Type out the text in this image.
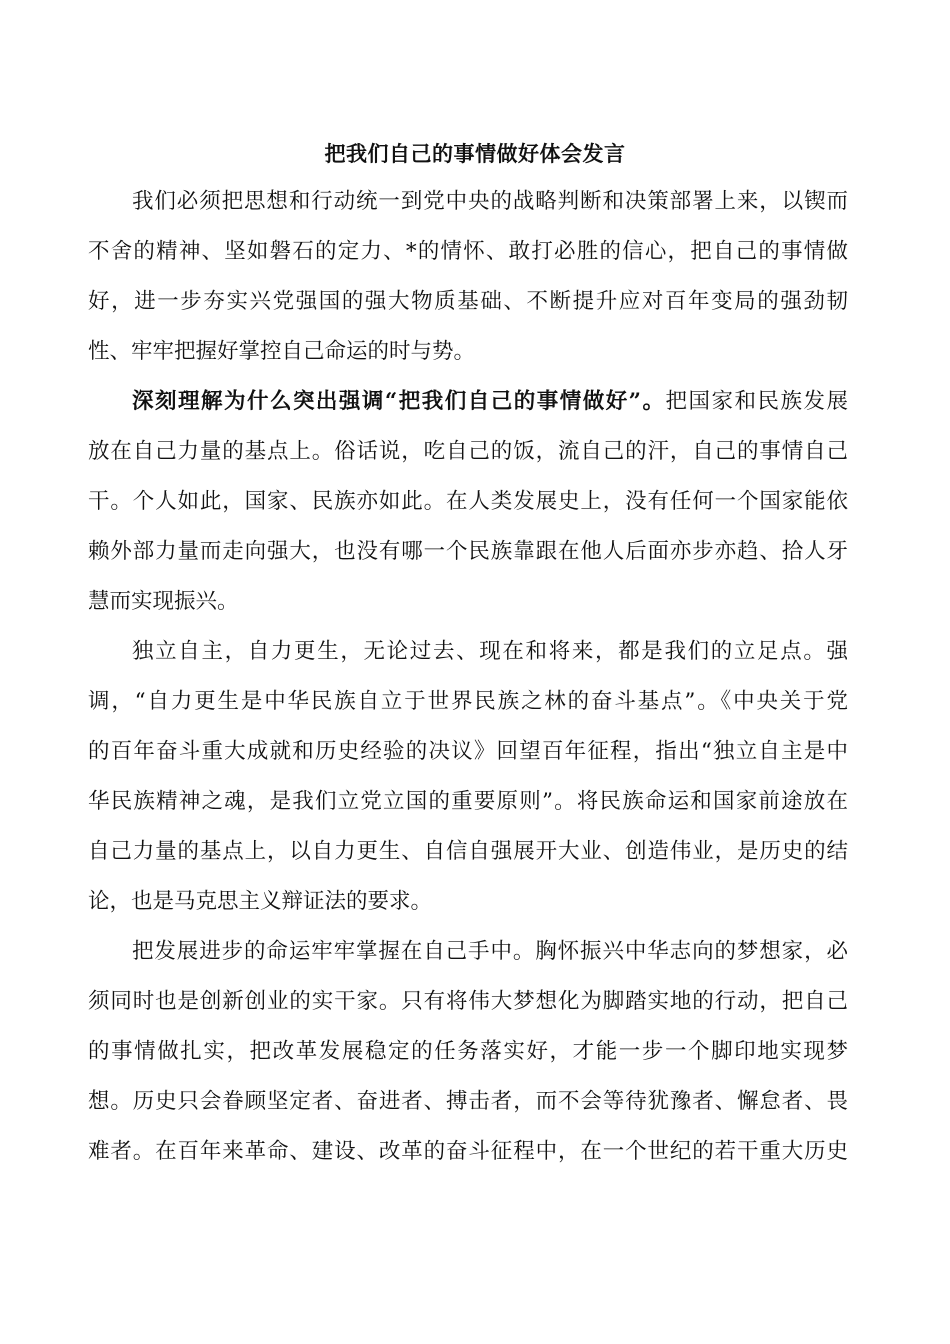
把我们自己的事情做好体会发言
我们必须把思想和行动统一到党中央的战略判断和决策部署上来，以锲而
不舍的精神、坚如磐石的定力、*的情怀、敢打必胜的信心，把自己的事情做
好，进一步夯实兴党强国的强大物质基础、不断提升应对百年变局的强劲韧
性、牢牢把握好掌控自己命运的时与势。
深刻理解为什么突出强调“把我们自己的事情做好”。把国家和民族发展
放在自己力量的基点上。俗话说，吃自己的饭，流自己的汗，自己的事情自己
干。个人如此，国家、民族亦如此。在人类发展史上，没有任何一个国家能依
赖外部力量而走向强大，也没有哪一个民族靠跟在他人后面亦步亦趋、拾人牙
慧而实现振兴。
独立自主，自力更生，无论过去、现在和将来，都是我们的立足点。强
调，“自力更生是中华民族自立于世界民族之林的奋斗基点”。《中央关于党
的百年奋斗重大成就和历史经验的决议》回望百年征程，指出“独立自主是中
华民族精神之魂，是我们立党立国的重要原则”。将民族命运和国家前途放在
自己力量的基点上，以自力更生、自信自强展开大业、创造伟业，是历史的结
论，也是马克思主义辩证法的要求。
把发展进步的命运牢牢掌握在自己手中。胸怀振兴中华志向的梦想家，必
须同时也是创新创业的实干家。只有将伟大梦想化为脚踏实地的行动，把自己
的事情做扎实，把改革发展稳定的任务落实好，才能一步一个脚印地实现梦
想。历史只会眷顾坚定者、奋进者、搏击者，而不会等待犹豫者、懈怠者、畏
难者。在百年来革命、建设、改革的奋斗征程中，在一个世纪的若干重大历史
